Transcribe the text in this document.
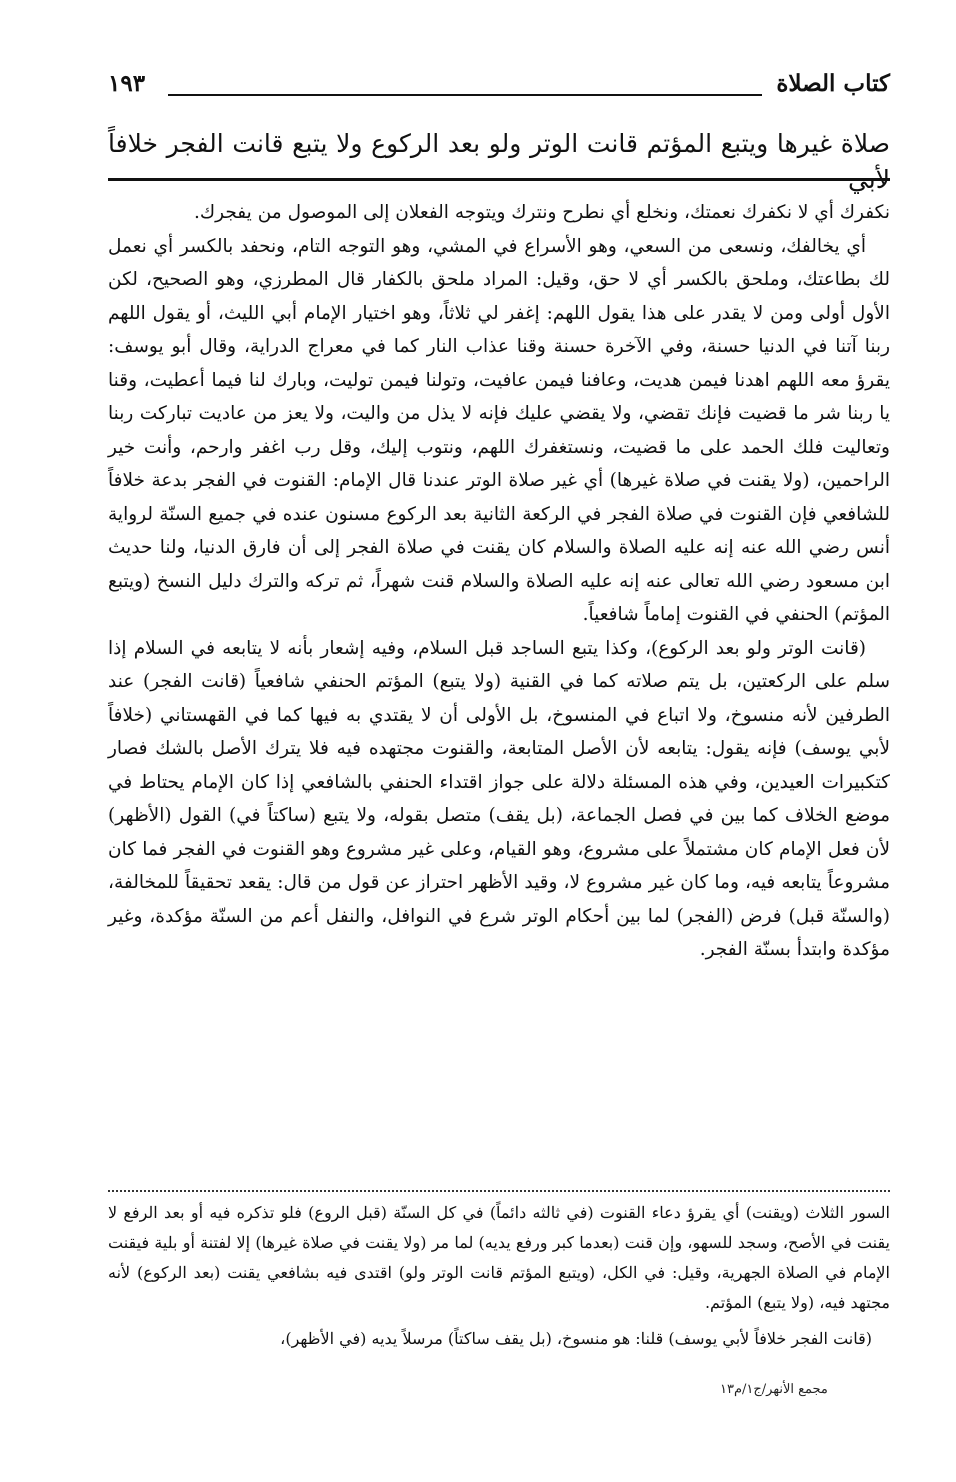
كتاب الصلاة
١٩٣
صلاة غيرها ويتبع المؤتم قانت الوتر ولو بعد الركوع ولا يتبع قانت الفجر خلافاً لأبي

نكفرك أي لا نكفرك نعمتك، ونخلع أي نطرح ونترك ويتوجه الفعلان إلى الموصول من يفجرك.

أي يخالفك، ونسعى من السعي، وهو الأسراع في المشي، وهو التوجه التام، ونحفد بالكسر أي نعمل لك بطاعتك، وملحق بالكسر أي لا حق، وقيل: المراد ملحق بالكفار قال المطرزي، وهو الصحيح، لكن الأول أولى ومن لا يقدر على هذا يقول اللهم: إغفر لي ثلاثاً، وهو اختيار الإمام أبي الليث، أو يقول اللهم ربنا آتنا في الدنيا حسنة، وفي الآخرة حسنة وقنا عذاب النار كما في معراج الدراية، وقال أبو يوسف: يقرؤ معه اللهم اهدنا فيمن هديت، وعافنا فيمن عافيت، وتولنا فيمن توليت، وبارك لنا فيما أعطيت، وقنا يا ربنا شر ما قضيت فإنك تقضي، ولا يقضي عليك فإنه لا يذل من واليت، ولا يعز من عاديت تباركت ربنا وتعاليت فلك الحمد على ما قضيت، ونستغفرك اللهم، ونتوب إليك، وقل رب اغفر وارحم، وأنت خير الراحمين، (ولا يقنت في صلاة غيرها) أي غير صلاة الوتر عندنا قال الإمام: القنوت في الفجر بدعة خلافاً للشافعي فإن القنوت في صلاة الفجر في الركعة الثانية بعد الركوع مسنون عنده في جميع السنّة لرواية أنس رضي الله عنه إنه عليه الصلاة والسلام كان يقنت في صلاة الفجر إلى أن فارق الدنيا، ولنا حديث ابن مسعود رضي الله تعالى عنه إنه عليه الصلاة والسلام قنت شهراً، ثم تركه والترك دليل النسخ (ويتبع المؤتم) الحنفي في القنوت إماماً شافعياً.

(قانت الوتر ولو بعد الركوع)، وكذا يتبع الساجد قبل السلام، وفيه إشعار بأنه لا يتابعه في السلام إذا سلم على الركعتين، بل يتم صلاته كما في القنية (ولا يتبع) المؤتم الحنفي شافعياً (قانت الفجر) عند الطرفين لأنه منسوخ، ولا اتباع في المنسوخ، بل الأولى أن لا يقتدي به فيها كما في القهستاني (خلافاً لأبي يوسف) فإنه يقول: يتابعه لأن الأصل المتابعة، والقنوت مجتهده فيه فلا يترك الأصل بالشك فصار كتكبيرات العيدين، وفي هذه المسئلة دلالة على جواز اقتداء الحنفي بالشافعي إذا كان الإمام يحتاط في موضع الخلاف كما بين في فصل الجماعة، (بل يقف) متصل بقوله، ولا يتبع (ساكتاً في) القول (الأظهر) لأن فعل الإمام كان مشتملاً على مشروع، وهو القيام، وعلى غير مشروع وهو القنوت في الفجر فما كان مشروعاً يتابعه فيه، وما كان غير مشروع لا، وقيد الأظهر احتراز عن قول من قال: يقعد تحقيقاً للمخالفة، (والسنّة قبل) فرض (الفجر) لما بين أحكام الوتر شرع في النوافل، والنفل أعم من السنّة مؤكدة، وغير مؤكدة وابتدأ بسنّة الفجر.

السور الثلاث (ويقنت) أي يقرؤ دعاء القنوت (في ثالثه دائماً) في كل السنّة (قبل الروع) فلو تذكره فيه أو بعد الرفع لا يقنت في الأصح، وسجد للسهو، وإن قنت (بعدما كبر ورفع يديه) لما مر (ولا يقنت في صلاة غيرها) إلا لفتنة أو بلية فيقنت الإمام في الصلاة الجهرية، وقيل: في الكل، (ويتبع المؤتم قانت الوتر ولو) اقتدى فيه بشافعي يقنت (بعد الركوع) لأنه مجتهد فيه، (ولا يتبع) المؤتم.

(قانت الفجر خلافاً لأبي يوسف) قلنا: هو منسوخ، (بل يقف ساكتاً) مرسلاً يديه (في الأظهر)،

مجمع الأنهر/ج١/م١٣
